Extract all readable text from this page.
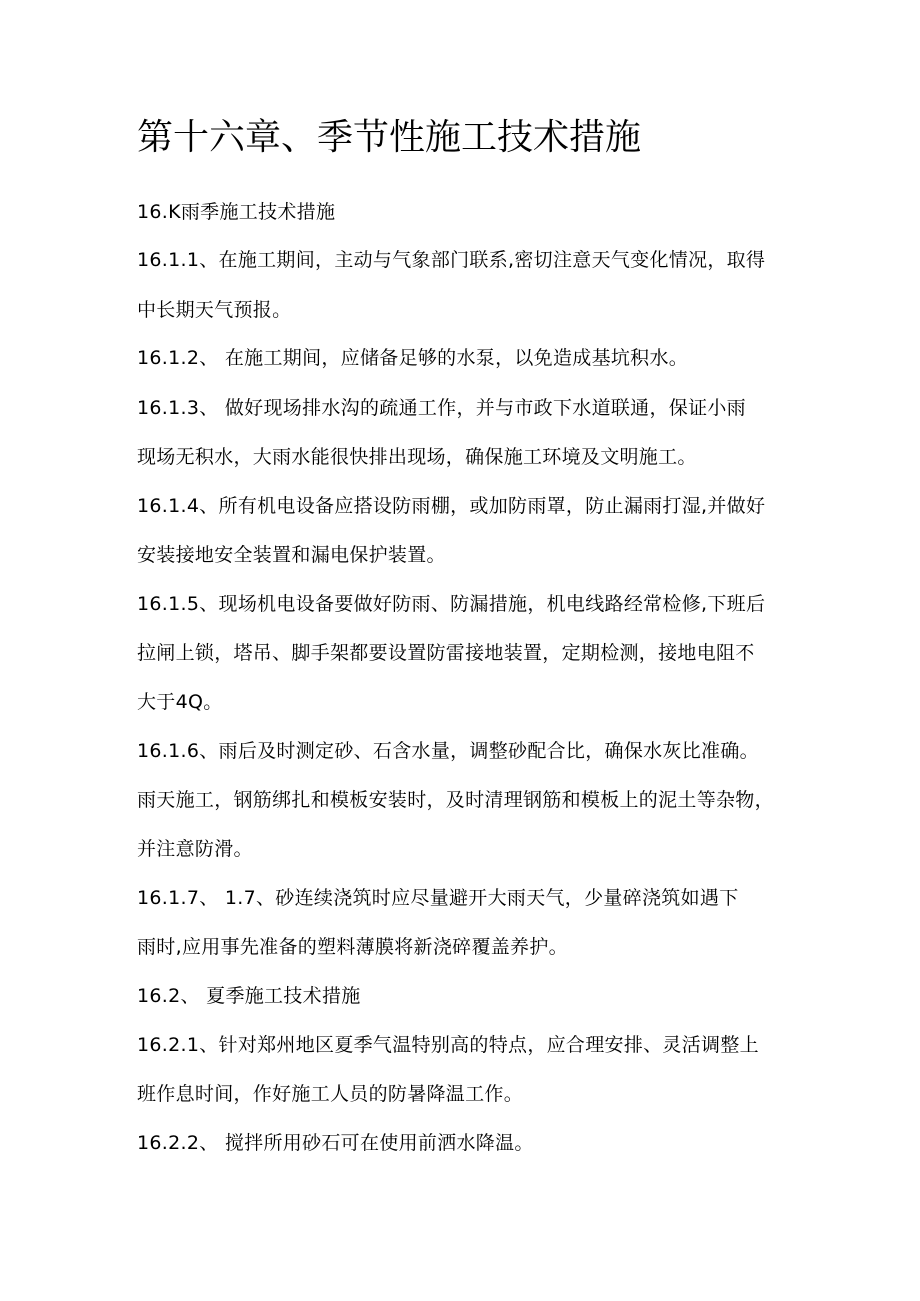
第十六章、季节性施工技术措施
16.K雨季施工技术措施
16.1.1、在施工期间，主动与气象部门联系,密切注意天气变化情况，取得
中长期天气预报。
16.1.2、 在施工期间，应储备足够的水泵，以免造成基坑积水。
16.1.3、 做好现场排水沟的疏通工作，并与市政下水道联通，保证小雨
现场无积水，大雨水能很快排出现场，确保施工环境及文明施工。
16.1.4、所有机电设备应搭设防雨棚，或加防雨罩，防止漏雨打湿,并做好
安装接地安全装置和漏电保护装置。
16.1.5、现场机电设备要做好防雨、防漏措施，机电线路经常检修,下班后
拉闸上锁，塔吊、脚手架都要设置防雷接地装置，定期检测，接地电阻不
大于4Q。
16.1.6、雨后及时测定砂、石含水量，调整砂配合比，确保水灰比准确。
雨天施工，钢筋绑扎和模板安装时，及时清理钢筋和模板上的泥土等杂物，
并注意防滑。
16.1.7、 1.7、砂连续浇筑时应尽量避开大雨天气，少量碎浇筑如遇下
雨时,应用事先准备的塑料薄膜将新浇碎覆盖养护。
16.2、 夏季施工技术措施
16.2.1、针对郑州地区夏季气温特别高的特点，应合理安排、灵活调整上
班作息时间，作好施工人员的防暑降温工作。
16.2.2、 搅拌所用砂石可在使用前洒水降温。
